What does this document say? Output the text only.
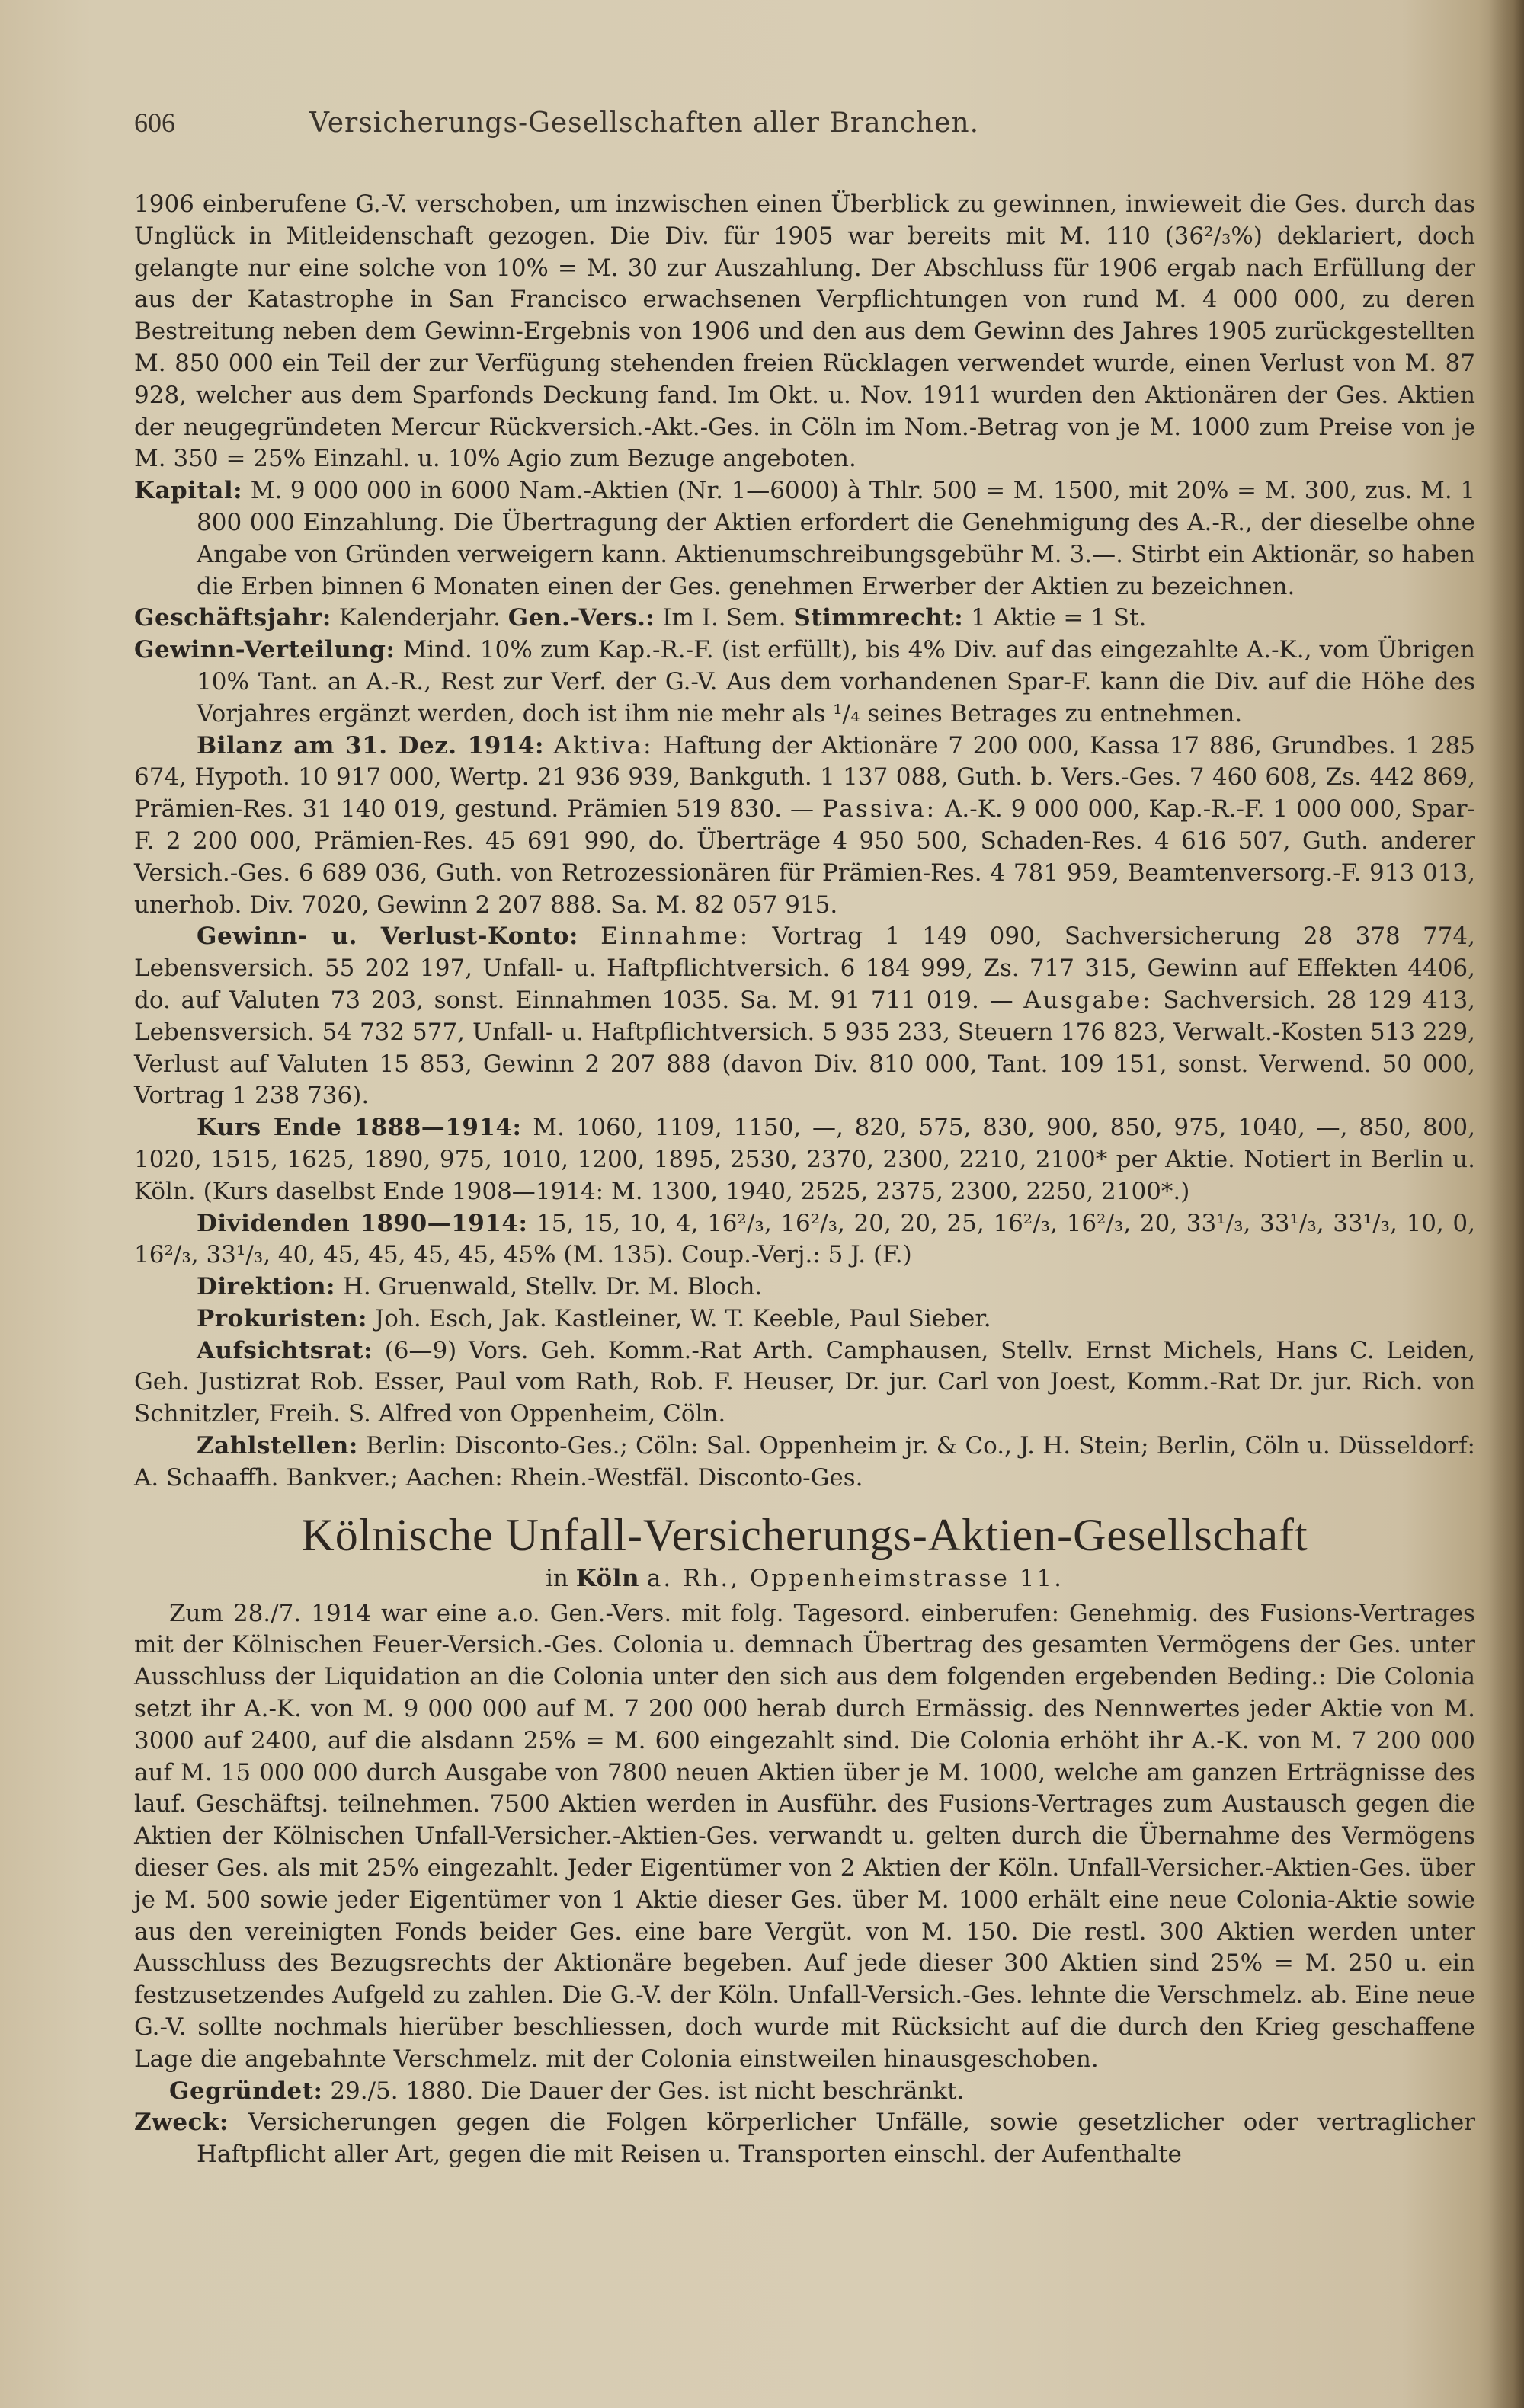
606	Versicherungs-Gesellschaften aller Branchen.

1906 einberufene G.-V. verschoben, um inzwischen einen Überblick zu gewinnen, inwieweit die Ges. durch das Unglück in Mitleidenschaft gezogen. Die Div. für 1905 war bereits mit M. 110 (36²/₃%) deklariert, doch gelangte nur eine solche von 10% = M. 30 zur Auszahlung. Der Abschluss für 1906 ergab nach Erfüllung der aus der Katastrophe in San Francisco erwachsenen Verpflichtungen von rund M. 4 000 000, zu deren Bestreitung neben dem Gewinn-Ergebnis von 1906 und den aus dem Gewinn des Jahres 1905 zurückgestellten M. 850 000 ein Teil der zur Verfügung stehenden freien Rücklagen verwendet wurde, einen Verlust von M. 87 928, welcher aus dem Sparfonds Deckung fand. Im Okt. u. Nov. 1911 wurden den Aktionären der Ges. Aktien der neugegründeten Mercur Rückversich.-Akt.-Ges. in Cöln im Nom.-Betrag von je M. 1000 zum Preise von je M. 350 = 25% Einzahl. u. 10% Agio zum Bezuge angeboten.

Kapital: M. 9 000 000 in 6000 Nam.-Aktien (Nr. 1—6000) à Thlr. 500 = M. 1500, mit 20% = M. 300, zus. M. 1 800 000 Einzahlung. Die Übertragung der Aktien erfordert die Genehmigung des A.-R., der dieselbe ohne Angabe von Gründen verweigern kann. Aktienumschreibungsgebühr M. 3.—. Stirbt ein Aktionär, so haben die Erben binnen 6 Monaten einen der Ges. genehmen Erwerber der Aktien zu bezeichnen.

Geschäftsjahr: Kalenderjahr. Gen.-Vers.: Im I. Sem. Stimmrecht: 1 Aktie = 1 St.

Gewinn-Verteilung: Mind. 10% zum Kap.-R.-F. (ist erfüllt), bis 4% Div. auf das eingezahlte A.-K., vom Übrigen 10% Tant. an A.-R., Rest zur Verf. der G.-V. Aus dem vorhandenen Spar-F. kann die Div. auf die Höhe des Vorjahres ergänzt werden, doch ist ihm nie mehr als ¹/₄ seines Betrages zu entnehmen.

Bilanz am 31. Dez. 1914: Aktiva: Haftung der Aktionäre 7 200 000, Kassa 17 886, Grundbes. 1 285 674, Hypoth. 10 917 000, Wertp. 21 936 939, Bankguth. 1 137 088, Guth. b. Vers.-Ges. 7 460 608, Zs. 442 869, Prämien-Res. 31 140 019, gestund. Prämien 519 830. — Passiva: A.-K. 9 000 000, Kap.-R.-F. 1 000 000, Spar-F. 2 200 000, Prämien-Res. 45 691 990, do. Überträge 4 950 500, Schaden-Res. 4 616 507, Guth. anderer Versich.-Ges. 6 689 036, Guth. von Retrozessionären für Prämien-Res. 4 781 959, Beamtenversorg.-F. 913 013, unerhob. Div. 7020, Gewinn 2 207 888. Sa. M. 82 057 915.

Gewinn- u. Verlust-Konto: Einnahme: Vortrag 1 149 090, Sachversicherung 28 378 774, Lebensversich. 55 202 197, Unfall- u. Haftpflichtversich. 6 184 999, Zs. 717 315, Gewinn auf Effekten 4406, do. auf Valuten 73 203, sonst. Einnahmen 1035. Sa. M. 91 711 019. — Ausgabe: Sachversich. 28 129 413, Lebensversich. 54 732 577, Unfall- u. Haftpflichtversich. 5 935 233, Steuern 176 823, Verwalt.-Kosten 513 229, Verlust auf Valuten 15 853, Gewinn 2 207 888 (davon Div. 810 000, Tant. 109 151, sonst. Verwend. 50 000, Vortrag 1 238 736).

Kurs Ende 1888—1914: M. 1060, 1109, 1150, —, 820, 575, 830, 900, 850, 975, 1040, —, 850, 800, 1020, 1515, 1625, 1890, 975, 1010, 1200, 1895, 2530, 2370, 2300, 2210, 2100* per Aktie. Notiert in Berlin u. Köln. (Kurs daselbst Ende 1908—1914: M. 1300, 1940, 2525, 2375, 2300, 2250, 2100*.)

Dividenden 1890—1914: 15, 15, 10, 4, 16²/₃, 16²/₃, 20, 20, 25, 16²/₃, 16²/₃, 20, 33¹/₃, 33¹/₃, 33¹/₃, 10, 0, 16²/₃, 33¹/₃, 40, 45, 45, 45, 45, 45% (M. 135). Coup.-Verj.: 5 J. (F.)

Direktion: H. Gruenwald, Stellv. Dr. M. Bloch.

Prokuristen: Joh. Esch, Jak. Kastleiner, W. T. Keeble, Paul Sieber.

Aufsichtsrat: (6—9) Vors. Geh. Komm.-Rat Arth. Camphausen, Stellv. Ernst Michels, Hans C. Leiden, Geh. Justizrat Rob. Esser, Paul vom Rath, Rob. F. Heuser, Dr. jur. Carl von Joest, Komm.-Rat Dr. jur. Rich. von Schnitzler, Freih. S. Alfred von Oppenheim, Cöln.

Zahlstellen: Berlin: Disconto-Ges.; Cöln: Sal. Oppenheim jr. & Co., J. H. Stein; Berlin, Cöln u. Düsseldorf: A. Schaaffh. Bankver.; Aachen: Rhein.-Westfäl. Disconto-Ges.

Kölnische Unfall-Versicherungs-Aktien-Gesellschaft
in Köln a. Rh., Oppenheimstrasse 11.

Zum 28./7. 1914 war eine a.o. Gen.-Vers. mit folg. Tagesord. einberufen: Genehmig. des Fusions-Vertrages mit der Kölnischen Feuer-Versich.-Ges. Colonia u. demnach Übertrag des gesamten Vermögens der Ges. unter Ausschluss der Liquidation an die Colonia unter den sich aus dem folgenden ergebenden Beding.: Die Colonia setzt ihr A.-K. von M. 9 000 000 auf M. 7 200 000 herab durch Ermässig. des Nennwertes jeder Aktie von M. 3000 auf 2400, auf die alsdann 25% = M. 600 eingezahlt sind. Die Colonia erhöht ihr A.-K. von M. 7 200 000 auf M. 15 000 000 durch Ausgabe von 7800 neuen Aktien über je M. 1000, welche am ganzen Erträgnisse des lauf. Geschäftsj. teilnehmen. 7500 Aktien werden in Ausführ. des Fusions-Vertrages zum Austausch gegen die Aktien der Kölnischen Unfall-Versicher.-Aktien-Ges. verwandt u. gelten durch die Übernahme des Vermögens dieser Ges. als mit 25% eingezahlt. Jeder Eigentümer von 2 Aktien der Köln. Unfall-Versicher.-Aktien-Ges. über je M. 500 sowie jeder Eigentümer von 1 Aktie dieser Ges. über M. 1000 erhält eine neue Colonia-Aktie sowie aus den vereinigten Fonds beider Ges. eine bare Vergüt. von M. 150. Die restl. 300 Aktien werden unter Ausschluss des Bezugsrechts der Aktionäre begeben. Auf jede dieser 300 Aktien sind 25% = M. 250 u. ein festzusetzendes Aufgeld zu zahlen. Die G.-V. der Köln. Unfall-Versich.-Ges. lehnte die Verschmelz. ab. Eine neue G.-V. sollte nochmals hierüber beschliessen, doch wurde mit Rücksicht auf die durch den Krieg geschaffene Lage die angebahnte Verschmelz. mit der Colonia einstweilen hinausgeschoben.

Gegründet: 29./5. 1880. Die Dauer der Ges. ist nicht beschränkt.

Zweck: Versicherungen gegen die Folgen körperlicher Unfälle, sowie gesetzlicher oder vertraglicher Haftpflicht aller Art, gegen die mit Reisen u. Transporten einschl. der Aufenthalte
